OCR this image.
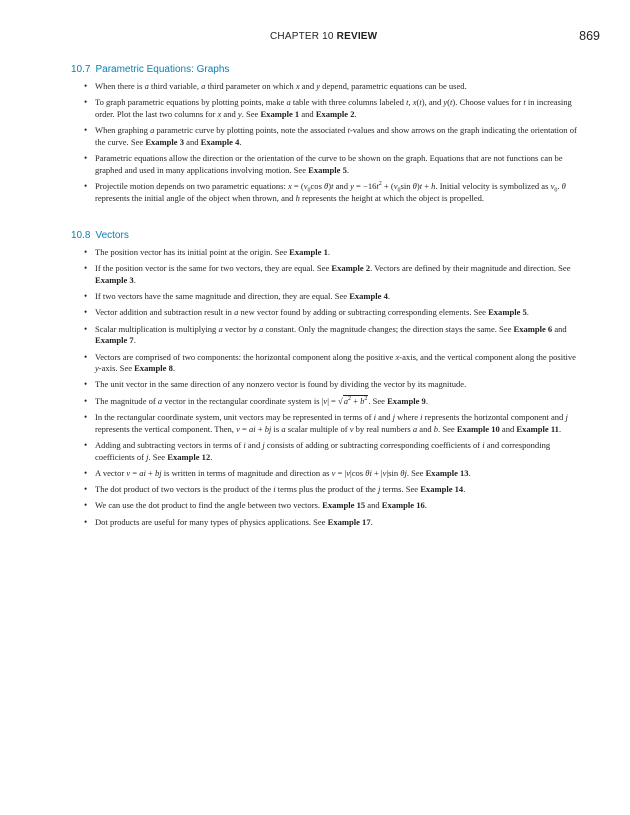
CHAPTER 10 REVIEW	869
10.7 Parametric Equations: Graphs
• When there is a third variable, a third parameter on which x and y depend, parametric equations can be used.
• To graph parametric equations by plotting points, make a table with three columns labeled t, x(t), and y(t). Choose values for t in increasing order. Plot the last two columns for x and y. See Example 1 and Example 2.
• When graphing a parametric curve by plotting points, note the associated t-values and show arrows on the graph indicating the orientation of the curve. See Example 3 and Example 4.
• Parametric equations allow the direction or the orientation of the curve to be shown on the graph. Equations that are not functions can be graphed and used in many applications involving motion. See Example 5.
• Projectile motion depends on two parametric equations: $x = (v_0\cos$ θ)t and $y = -16t^2 + (v_0\sin$ θ)t + h. Initial velocity is symbolized as $v_0$. θ represents the initial angle of the object when thrown, and h represents the height at which the object is propelled.
10.8 Vectors
• The position vector has its initial point at the origin. See Example 1.
• If the position vector is the same for two vectors, they are equal. See Example 2. Vectors are defined by their magnitude and direction. See Example 3.
• If two vectors have the same magnitude and direction, they are equal. See Example 4.
• Vector addition and subtraction result in a new vector found by adding or subtracting corresponding elements. See Example 5.
• Scalar multiplication is multiplying a vector by a constant. Only the magnitude changes; the direction stays the same. See Example 6 and Example 7.
• Vectors are comprised of two components: the horizontal component along the positive x-axis, and the vertical component along the positive y-axis. See Example 8.
• The unit vector in the same direction of any nonzero vector is found by dividing the vector by its magnitude.
• The magnitude of a vector in the rectangular coordinate system is $|v| = √a^2 + b^2$. See Example 9.
• In the rectangular coordinate system, unit vectors may be represented in terms of i and j where i represents the horizontal component and j represents the vertical component. Then, v = ai + bj is a scalar multiple of v by real numbers a and b. See Example 10 and Example 11.
• Adding and subtracting vectors in terms of i and j consists of adding or subtracting corresponding coefficients of i and corresponding coefficients of j. See Example 12.
• A vector v = ai + bj is written in terms of magnitude and direction as v = |v|cos θi + |v|sin θj. See Example 13.
• The dot product of two vectors is the product of the i terms plus the product of the j terms. See Example 14.
• We can use the dot product to find the angle between two vectors. Example 15 and Example 16.
• Dot products are useful for many types of physics applications. See Example 17.
